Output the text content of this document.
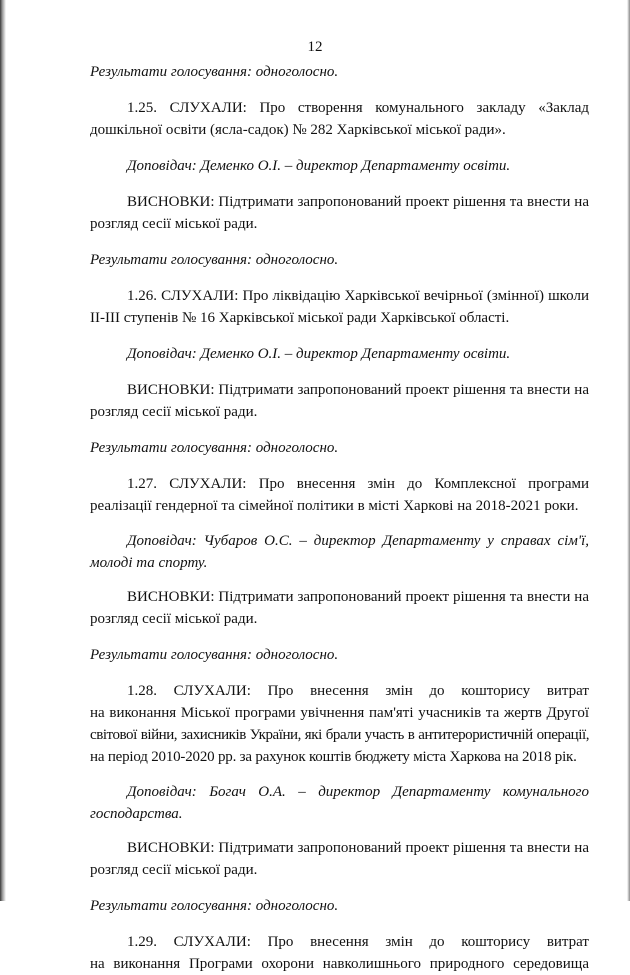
12
Результати голосування: одноголосно.
1.25. СЛУХАЛИ: Про створення комунального закладу «Заклад
дошкільної освіти (ясла-садок) № 282 Харківської міської ради».
Доповідач: Деменко О.І. – директор Департаменту освіти.
ВИСНОВКИ: Підтримати запропонований проект рішення та внести на
розгляд сесії міської ради.
Результати голосування: одноголосно.
1.26. СЛУХАЛИ: Про ліквідацію Харківської вечірньої (змінної) школи
ІІ-ІІІ ступенів № 16 Харківської міської ради Харківської області.
Доповідач: Деменко О.І. – директор Департаменту освіти.
ВИСНОВКИ: Підтримати запропонований проект рішення та внести на
розгляд сесії міської ради.
Результати голосування: одноголосно.
1.27. СЛУХАЛИ: Про внесення змін до Комплексної програми
реалізації гендерної та сімейної політики в місті Харкові на 2018-2021 роки.
Доповідач: Чубаров О.С. – директор Департаменту у справах сім'ї,
молоді та спорту.
ВИСНОВКИ: Підтримати запропонований проект рішення та внести на
розгляд сесії міської ради.
Результати голосування: одноголосно.
1.28. СЛУХАЛИ: Про внесення змін до кошторису витрат
на виконання Міської програми увічнення пам'яті учасників та жертв Другої
світової війни, захисників України, які брали участь в антитерористичній операції,
на період 2010-2020 рр. за рахунок коштів бюджету міста Харкова на 2018 рік.
Доповідач: Богач О.А. – директор Департаменту комунального
господарства.
ВИСНОВКИ: Підтримати запропонований проект рішення та внести на
розгляд сесії міської ради.
Результати голосування: одноголосно.
1.29. СЛУХАЛИ: Про внесення змін до кошторису витрат
на виконання Програми охорони навколишнього природного середовища
